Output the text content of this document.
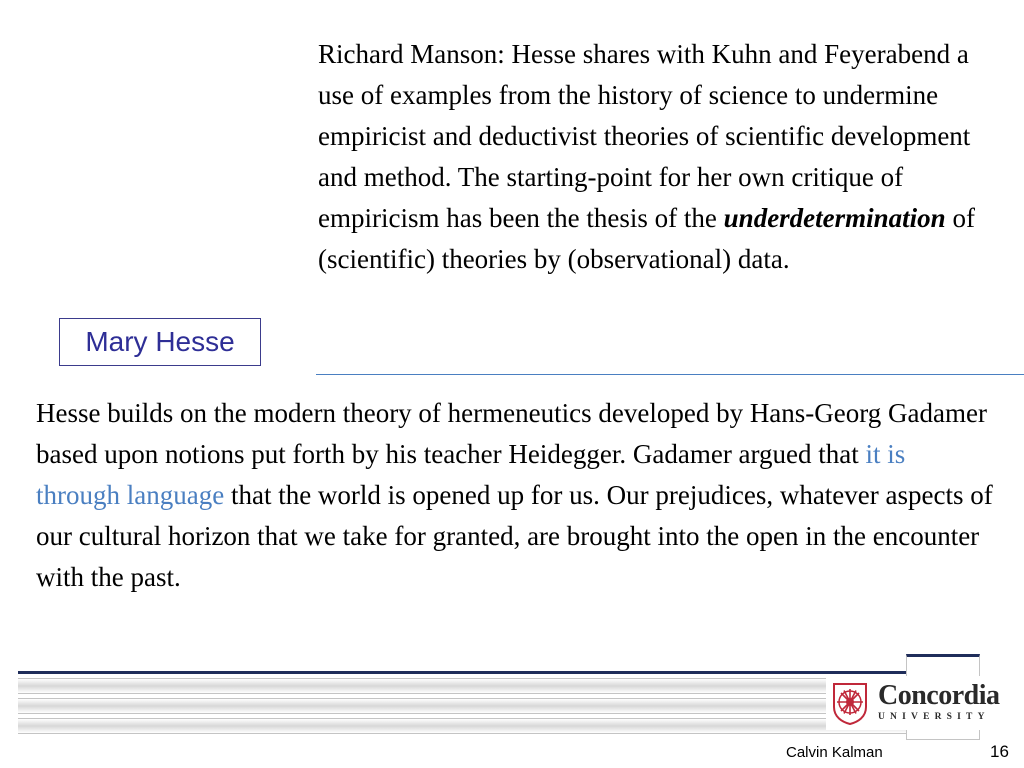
Mary Hesse
Richard Manson: Hesse shares with Kuhn and Feyerabend a use of examples from the history of science to undermine empiricist and deductivist theories of scientific development and method. The starting-point for her own critique of empiricism has been the thesis of the underdetermination of (scientific) theories by (observational) data.
Hesse builds on the modern theory of hermeneutics developed by Hans-Georg Gadamer based upon notions put forth by his teacher Heidegger. Gadamer argued that it is through language that the world is opened up for us. Our prejudices, whatever aspects of our cultural horizon that we take for granted, are brought into the open in the encounter with the past.
Concordia
UNIVERSITY
Calvin Kalman	16
